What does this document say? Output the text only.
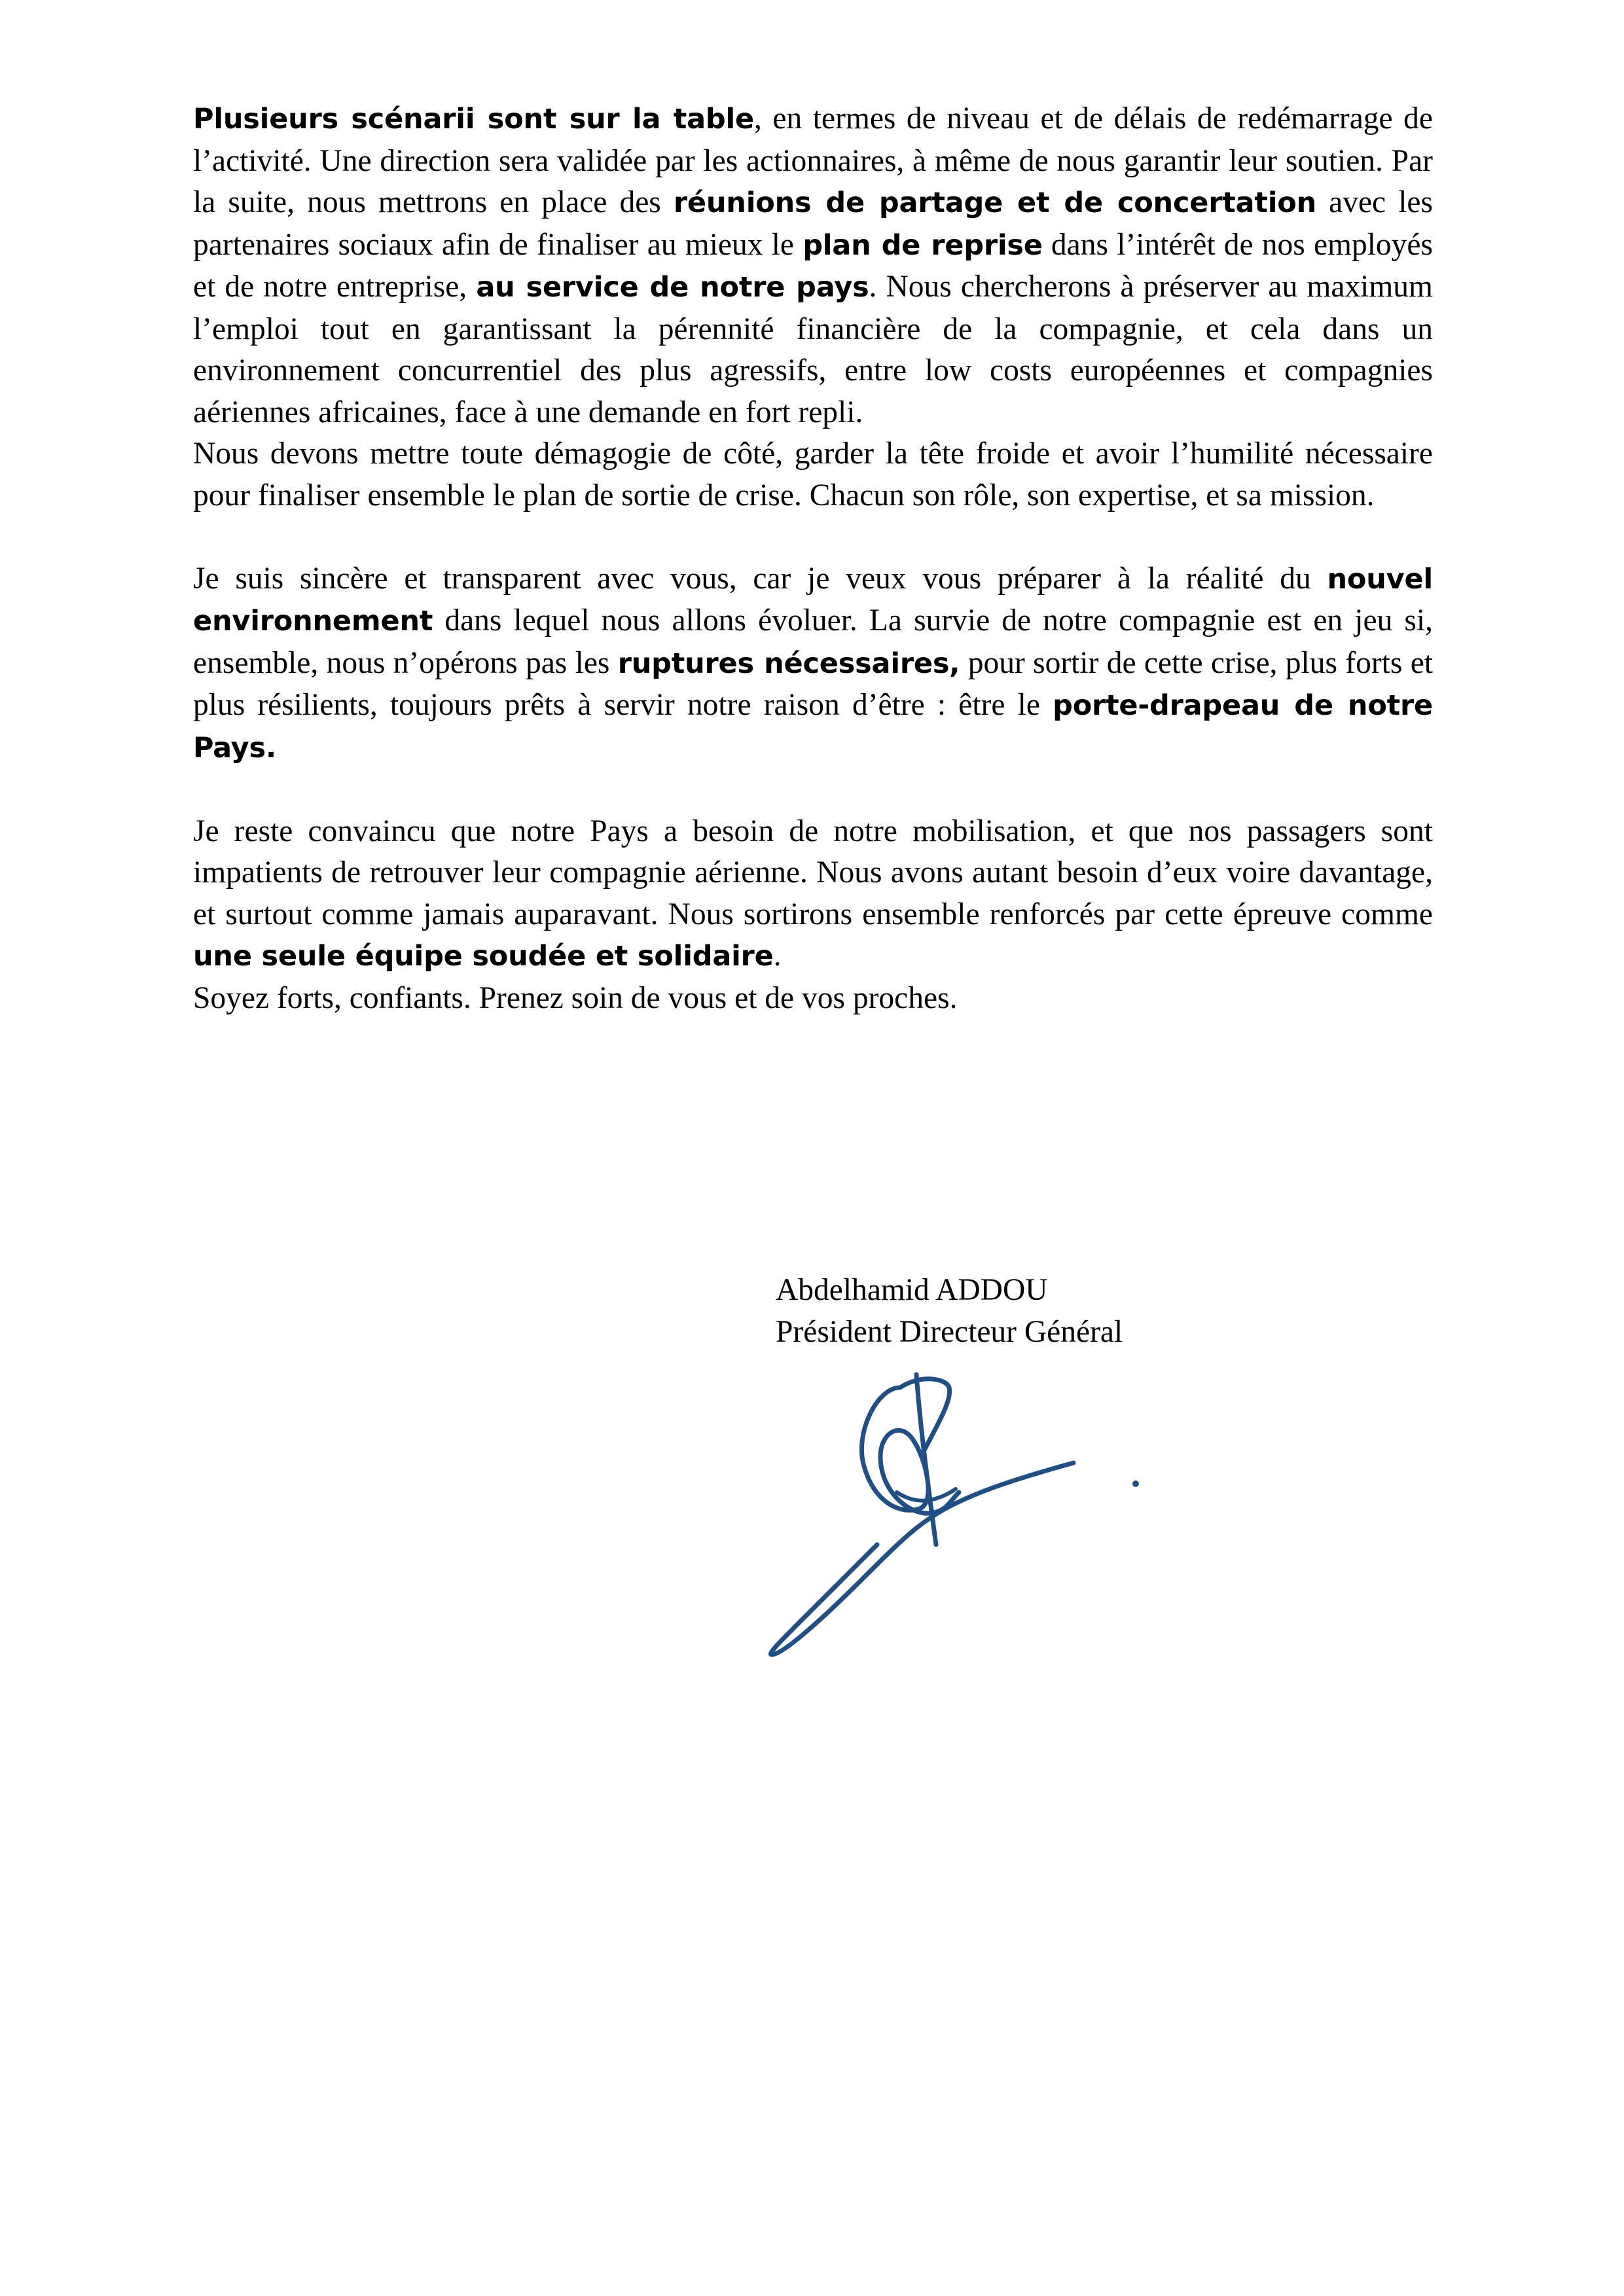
Plusieurs scénarii sont sur la table, en termes de niveau et de délais de redémarrage de l’activité. Une direction sera validée par les actionnaires, à même de nous garantir leur soutien. Par la suite, nous mettrons en place des réunions de partage et de concertation avec les partenaires sociaux afin de finaliser au mieux le plan de reprise dans l’intérêt de nos employés et de notre entreprise, au service de notre pays. Nous chercherons à préserver au maximum l’emploi tout en garantissant la pérennité financière de la compagnie, et cela dans un environnement concurrentiel des plus agressifs, entre low costs européennes et compagnies aériennes africaines, face à une demande en fort repli.

Nous devons mettre toute démagogie de côté, garder la tête froide et avoir l’humilité nécessaire pour finaliser ensemble le plan de sortie de crise. Chacun son rôle, son expertise, et sa mission.

Je suis sincère et transparent avec vous, car je veux vous préparer à la réalité du nouvel environnement dans lequel nous allons évoluer. La survie de notre compagnie est en jeu si, ensemble, nous n’opérons pas les ruptures nécessaires, pour sortir de cette crise, plus forts et plus résilients, toujours prêts à servir notre raison d’être : être le porte-drapeau de notre Pays.

Je reste convaincu que notre Pays a besoin de notre mobilisation, et que nos passagers sont impatients de retrouver leur compagnie aérienne. Nous avons autant besoin d’eux voire davantage, et surtout comme jamais auparavant. Nous sortirons ensemble renforcés par cette épreuve comme une seule équipe soudée et solidaire.

Soyez forts, confiants. Prenez soin de vous et de vos proches.

Abdelhamid ADDOU
Président Directeur Général
